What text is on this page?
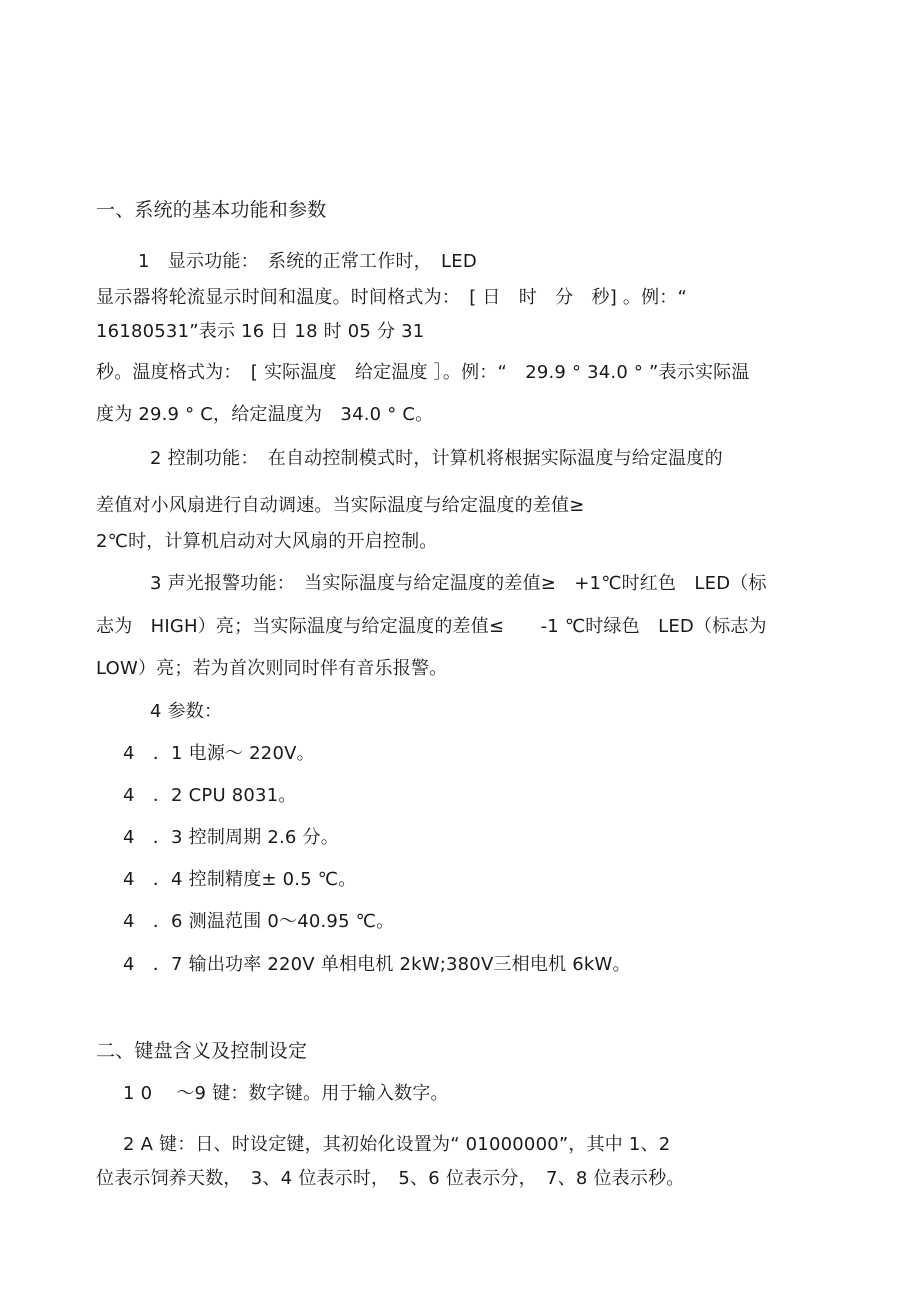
一、系统的基本功能和参数
1　显示功能：　系统的正常工作时，　LED
显示器将轮流显示时间和温度。时间格式为：　[ 日　时　分　秒] 。例：“
16180531”表示 16 日 18 时 05 分 31
秒。温度格式为：　[ 实际温度　给定温度 ］。例：“　29.9 ° 34.0 ° ”表示实际温
度为 29.9 ° C，给定温度为　34.0 ° C。
2 控制功能：　在自动控制模式时，计算机将根据实际温度与给定温度的
差值对小风扇进行自动调速。当实际温度与给定温度的差值≥
2℃时，计算机启动对大风扇的开启控制。
3 声光报警功能：　当实际温度与给定温度的差值≥　+1℃时红色　LED（标
志为　HIGH）亮；当实际温度与给定温度的差值≤　　-1 ℃时绿色　LED（标志为
LOW）亮；若为首次则同时伴有音乐报警。
4 参数：
4　．1 电源～ 220V。
4　．2 CPU 8031。
4　．3 控制周期 2.6 分。
4　．4 控制精度± 0.5 ℃。
4　．6 测温范围 0～40.95 ℃。
4　．7 输出功率 220V 单相电机 2kW;380V三相电机 6kW。
二、键盘含义及控制设定
1 0　 ～9 键：数字键。用于输入数字。
2 A 键：日、时设定键，其初始化设置为“ 01000000”，其中 1、2
位表示饲养天数，　3、4 位表示时，　5、6 位表示分，　7、8 位表示秒。
